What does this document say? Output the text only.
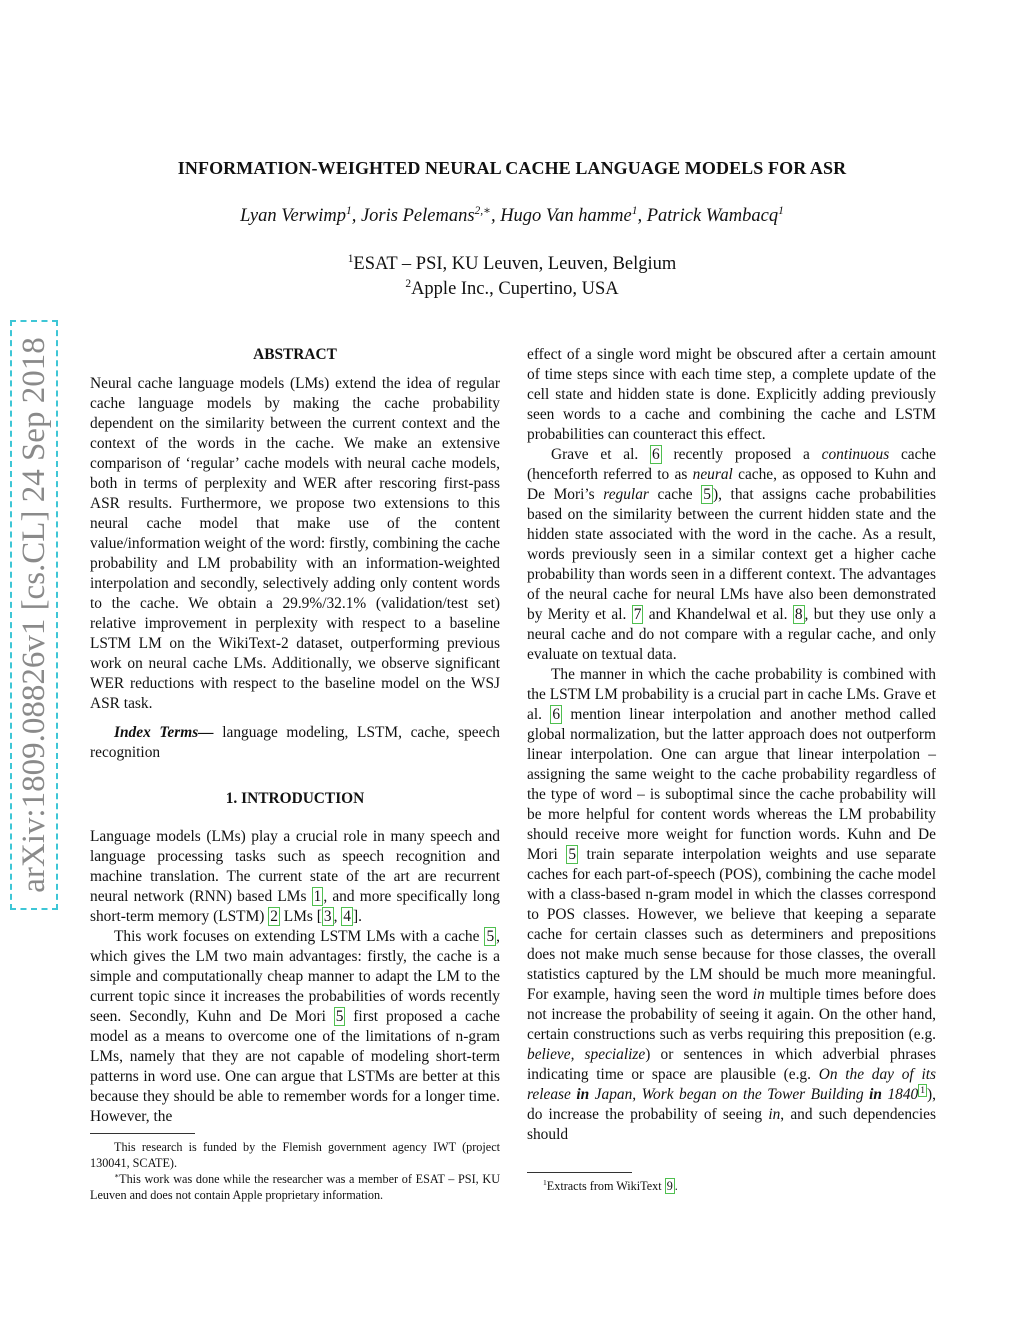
INFORMATION-WEIGHTED NEURAL CACHE LANGUAGE MODELS FOR ASR
Lyan Verwimp$^1$, Joris Pelemans$^{2,∗}$, Hugo Van hamme$^1$, Patrick Wambacq$^1$
$^1$ESAT – PSI, KU Leuven, Leuven, Belgium
$^2$Apple Inc., Cupertino, USA
arXiv:1809.08826v1 [cs.CL] 24 Sep 2018	ABSTRACT

Neural cache language models (LMs) extend the idea of regular cache language models by making the cache probability dependent on the similarity between the current context and the context of the words in the cache. We make an extensive comparison of ‘regular’ cache models with neural cache models, both in terms of perplexity and WER after rescoring first-pass ASR results. Furthermore, we propose two extensions to this neural cache model that make use of the content value/information weight of the word: firstly, combining the cache probability and LM probability with an information-weighted interpolation and secondly, selectively adding only content words to the cache. We obtain a 29.9%/32.1% (validation/test set) relative improvement in perplexity with respect to a baseline LSTM LM on the WikiText-2 dataset, outperforming previous work on neural cache LMs. Additionally, we observe significant WER reductions with respect to the baseline model on the WSJ ASR task.

Index Terms— language modeling, LSTM, cache, speech recognition

1. INTRODUCTION

Language models (LMs) play a crucial role in many speech and language processing tasks such as speech recognition and machine translation. The current state of the art are recurrent neural network (RNN) based LMs 1 , and more specifically long short-term memory (LSTM) 2 LMs [ 3 , 4 ].

This work focuses on extending LSTM LMs with a cache 5 , which gives the LM two main advantages: firstly, the cache is a simple and computationally cheap manner to adapt the LM to the current topic since it increases the probabilities of words recently seen. Secondly, Kuhn and De Mori 5 first proposed a cache model as a means to overcome one of the limitations of n-gram LMs, namely that they are not capable of modeling short-term patterns in word use. One can argue that LSTMs are better at this because they should be able to remember words for a longer time. However, the

This research is funded by the Flemish government agency IWT (project 130041, SCATE).

∗This work was done while the researcher was a member of ESAT – PSI, KU Leuven and does not contain Apple proprietary information.

effect of a single word might be obscured after a certain amount of time steps since with each time step, a complete update of the cell state and hidden state is done. Explicitly adding previously seen words to a cache and combining the cache and LSTM probabilities can counteract this effect.

Grave et al. 6 recently proposed a continuous cache (henceforth referred to as neural cache, as opposed to Kuhn and De Mori’s regular cache 5 ), that assigns cache probabilities based on the similarity between the current hidden state and the hidden state associated with the word in the cache. As a result, words previously seen in a similar context get a higher cache probability than words seen in a different context. The advantages of the neural cache for neural LMs have also been demonstrated by Merity et al. 7 and Khandelwal et al. 8 , but they use only a neural cache and do not compare with a regular cache, and only evaluate on textual data.

The manner in which the cache probability is combined with the LSTM LM probability is a crucial part in cache LMs. Grave et al. 6 mention linear interpolation and another method called global normalization, but the latter approach does not outperform linear interpolation. One can argue that linear interpolation – assigning the same weight to the cache probability regardless of the type of word – is suboptimal since the cache probability will be more helpful for content words whereas the LM probability should receive more weight for function words. Kuhn and De Mori 5 train separate interpolation weights and use separate caches for each part-of-speech (POS), combining the cache model with a class-based n-gram model in which the classes correspond to POS classes. However, we believe that keeping a separate cache for certain classes such as determiners and prepositions does not make much sense because for those classes, the overall statistics captured by the LM should be much more meaningful. For example, having seen the word in multiple times before does not increase the probability of seeing it again. On the other hand, certain constructions such as verbs requiring this preposition (e.g. believe, specialize) or sentences in which adverbial phrases indicating time or space are plausible (e.g. On the day of its release in Japan, Work began on the Tower Building in 1840 $^1$ ), do increase the probability of seeing in, and such dependencies should

$^1$Extracts from WikiText 9 .
